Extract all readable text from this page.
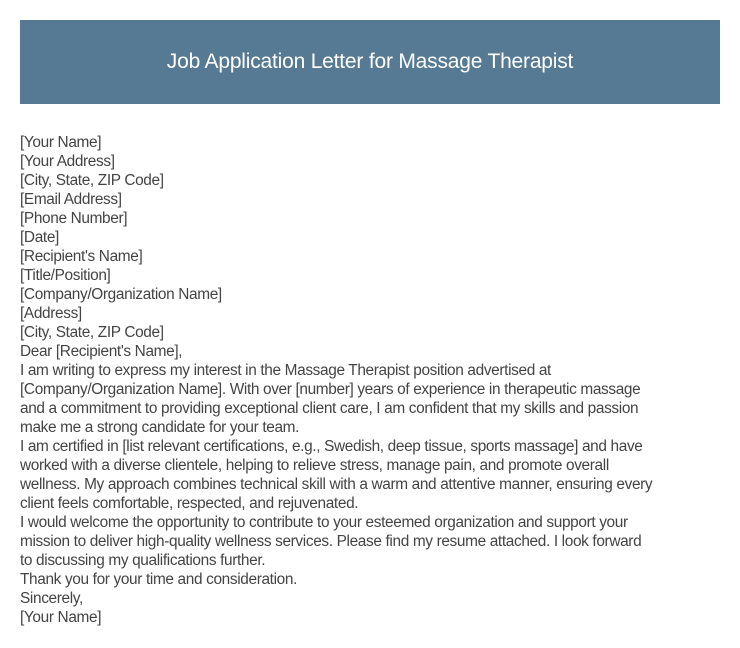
Job Application Letter for Massage Therapist
[Your Name]
[Your Address]
[City, State, ZIP Code]
[Email Address]
[Phone Number]
[Date]
[Recipient's Name]
[Title/Position]
[Company/Organization Name]
[Address]
[City, State, ZIP Code]
Dear [Recipient's Name],
I am writing to express my interest in the Massage Therapist position advertised at
[Company/Organization Name]. With over [number] years of experience in therapeutic massage
and a commitment to providing exceptional client care, I am confident that my skills and passion
make me a strong candidate for your team.
I am certified in [list relevant certifications, e.g., Swedish, deep tissue, sports massage] and have
worked with a diverse clientele, helping to relieve stress, manage pain, and promote overall
wellness. My approach combines technical skill with a warm and attentive manner, ensuring every
client feels comfortable, respected, and rejuvenated.
I would welcome the opportunity to contribute to your esteemed organization and support your
mission to deliver high-quality wellness services. Please find my resume attached. I look forward
to discussing my qualifications further.
Thank you for your time and consideration.
Sincerely,
[Your Name]
